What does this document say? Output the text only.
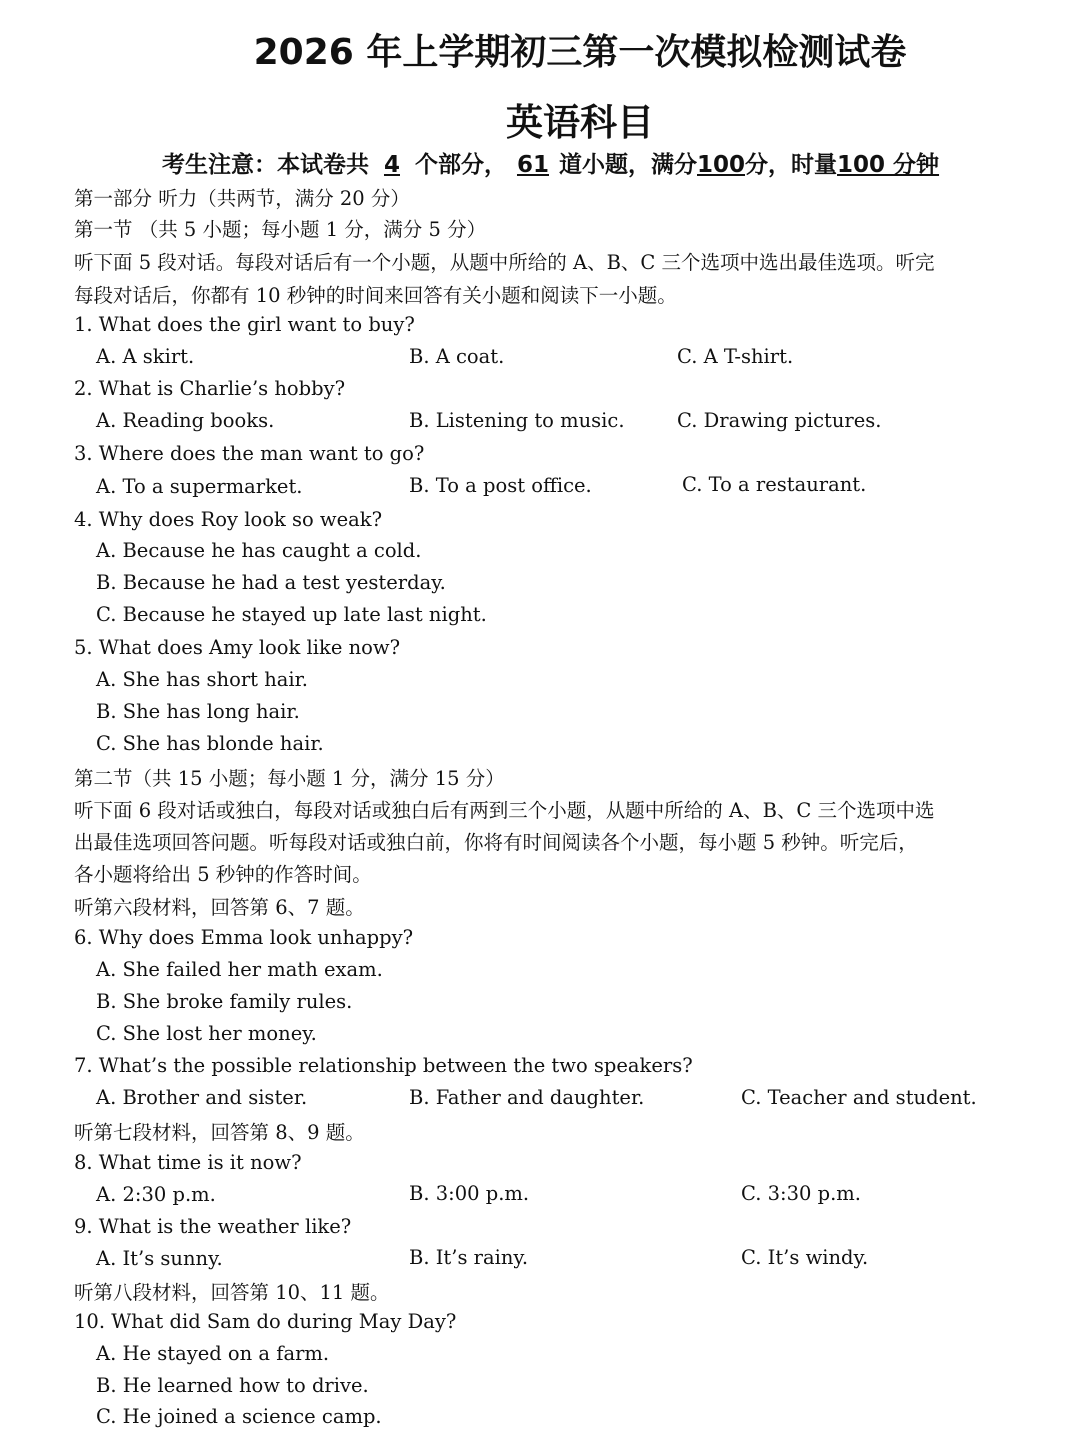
2026 年上学期初三第一次模拟检测试卷
英语科目
考生注意：本试卷共 4 个部分， 61 道小题，满分100分，时量100 分钟
第一部分 听力（共两节，满分 20 分）
第一节 （共 5 小题；每小题 1 分，满分 5 分）
听下面 5 段对话。每段对话后有一个小题，从题中所给的 A、B、C 三个选项中选出最佳选项。听完
每段对话后，你都有 10 秒钟的时间来回答有关小题和阅读下一小题。
1. What does the girl want to buy?
A. A skirt.	B. A coat.	C. A T-shirt.
2. What is Charlie’s hobby?
A. Reading books.	B. Listening to music.	C. Drawing pictures.
3. Where does the man want to go?
A. To a supermarket.	B. To a post office.	C. To a restaurant.
4. Why does Roy look so weak?
A. Because he has caught a cold.
B. Because he had a test yesterday.
C. Because he stayed up late last night.
5. What does Amy look like now?
A. She has short hair.
B. She has long hair.
C. She has blonde hair.
第二节（共 15 小题；每小题 1 分，满分 15 分）
听下面 6 段对话或独白，每段对话或独白后有两到三个小题，从题中所给的 A、B、C 三个选项中选
出最佳选项回答问题。听每段对话或独白前，你将有时间阅读各个小题，每小题 5 秒钟。听完后，
各小题将给出 5 秒钟的作答时间。
听第六段材料，回答第 6、7 题。
6. Why does Emma look unhappy?
A. She failed her math exam.
B. She broke family rules.
C. She lost her money.
7. What’s the possible relationship between the two speakers?
A. Brother and sister.	B. Father and daughter.	C. Teacher and student.
听第七段材料，回答第 8、9 题。
8. What time is it now?
A. 2:30 p.m.	B. 3:00 p.m.	C. 3:30 p.m.
9. What is the weather like?
A. It’s sunny.	B. It’s rainy.	C. It’s windy.
听第八段材料，回答第 10、11 题。
10. What did Sam do during May Day?
A. He stayed on a farm.
B. He learned how to drive.
C. He joined a science camp.
